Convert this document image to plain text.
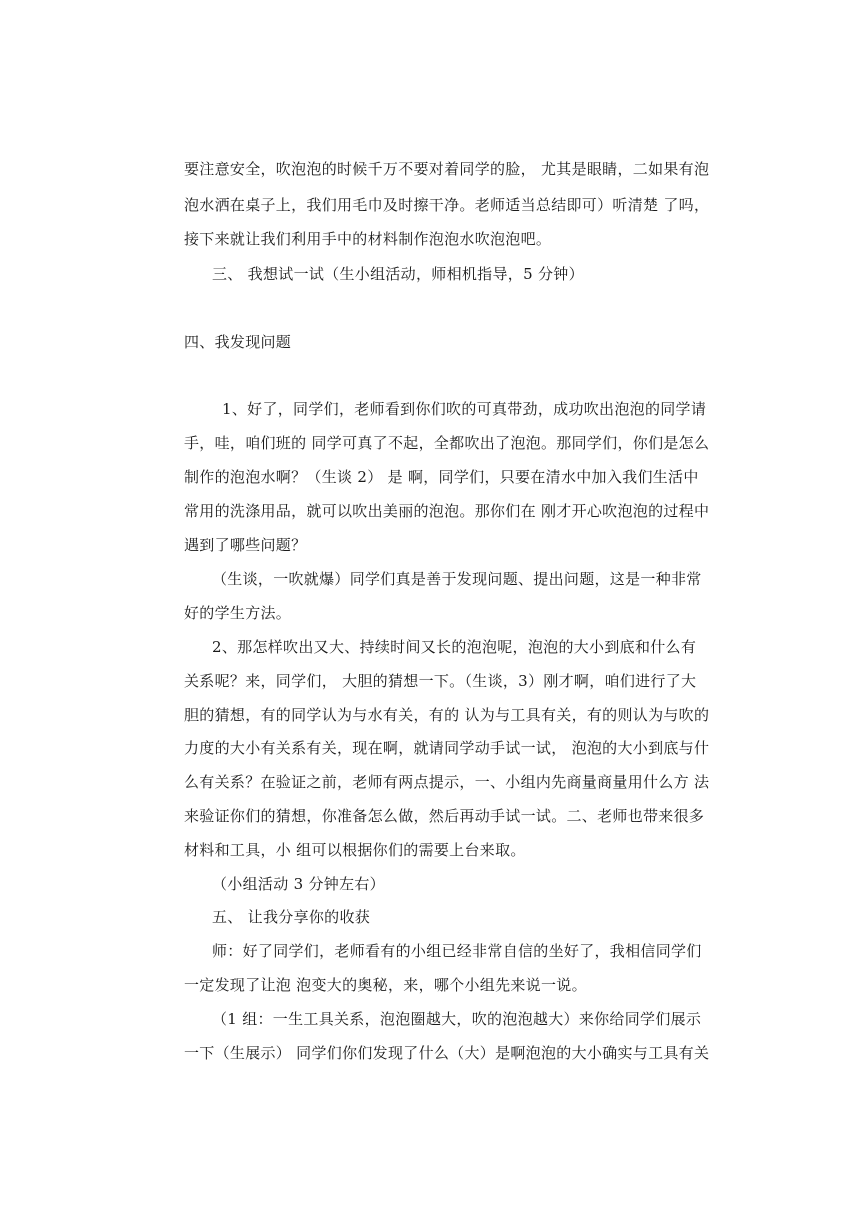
要注意安全，吹泡泡的时候千万不要对着同学的脸， 尤其是眼睛，二如果有泡
泡水洒在桌子上，我们用毛巾及时擦干净。老师适当总结即可）听清楚 了吗，
接下来就让我们利用手中的材料制作泡泡水吹泡泡吧。
三、 我想试一试（生小组活动，师相机指导，5 分钟）
四、我发现问题
1、好了，同学们，老师看到你们吹的可真带劲，成功吹出泡泡的同学请
手，哇，咱们班的 同学可真了不起，全都吹出了泡泡。那同学们，你们是怎么
制作的泡泡水啊？（生谈 2） 是 啊，同学们，只要在清水中加入我们生活中
常用的洗涤用品，就可以吹出美丽的泡泡。那你们在 刚才开心吹泡泡的过程中
遇到了哪些问题？
（生谈，一吹就爆）同学们真是善于发现问题、提出问题，这是一种非常
好的学生方法。
2、那怎样吹出又大、持续时间又长的泡泡呢，泡泡的大小到底和什么有
关系呢？来，同学们， 大胆的猜想一下。（生谈，3）刚才啊，咱们进行了大
胆的猜想，有的同学认为与水有关，有的 认为与工具有关，有的则认为与吹的
力度的大小有关系有关，现在啊，就请同学动手试一试， 泡泡的大小到底与什
么有关系？在验证之前，老师有两点提示，一、小组内先商量商量用什么方 法
来验证你们的猜想，你准备怎么做，然后再动手试一试。二、老师也带来很多
材料和工具，小 组可以根据你们的需要上台来取。
（小组活动 3 分钟左右）
五、 让我分享你的收获
师：好了同学们，老师看有的小组已经非常自信的坐好了，我相信同学们
一定发现了让泡 泡变大的奥秘，来，哪个小组先来说一说。
（1 组：一生工具关系，泡泡圈越大，吹的泡泡越大）来你给同学们展示
一下（生展示） 同学们你们发现了什么（大）是啊泡泡的大小确实与工具有关
